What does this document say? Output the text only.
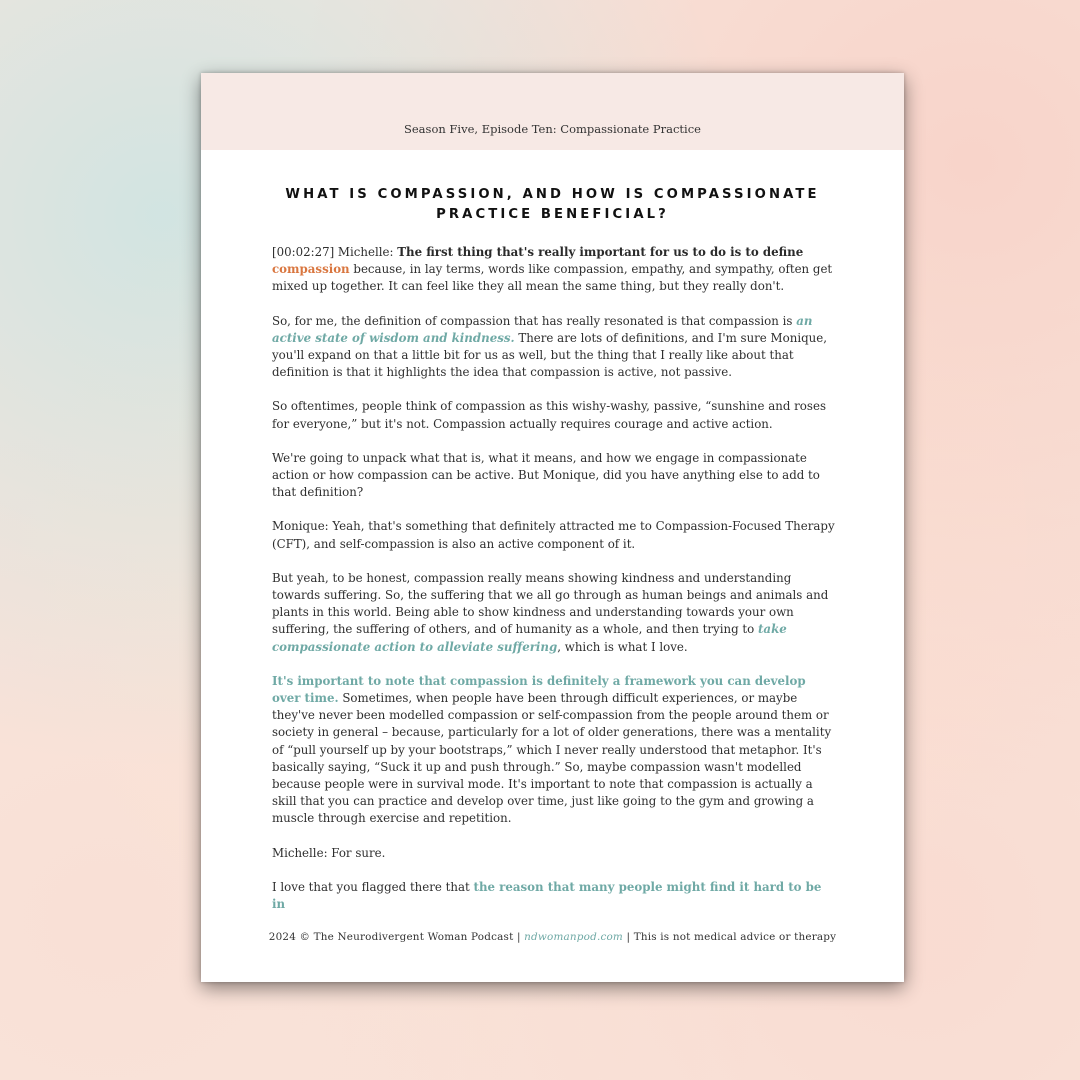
Season Five, Episode Ten: Compassionate Practice
WHAT IS COMPASSION, AND HOW IS COMPASSIONATE PRACTICE BENEFICIAL?

[00:02:27] Michelle: The first thing that's really important for us to do is to define
compassion because, in lay terms, words like compassion, empathy, and sympathy, often get mixed up together. It can feel like they all mean the same thing, but they really don't.

So, for me, the definition of compassion that has really resonated is that compassion is an active state of wisdom and kindness. There are lots of definitions, and I'm sure Monique, you'll expand on that a little bit for us as well, but the thing that I really like about that definition is that it highlights the idea that compassion is active, not passive.

So oftentimes, people think of compassion as this wishy-washy, passive, “sunshine and roses for everyone,” but it's not. Compassion actually requires courage and active action.

We're going to unpack what that is, what it means, and how we engage in compassionate action or how compassion can be active. But Monique, did you have anything else to add to that definition?

Monique: Yeah, that's something that definitely attracted me to Compassion-Focused Therapy (CFT), and self-compassion is also an active component of it.

But yeah, to be honest, compassion really means showing kindness and understanding towards suffering. So, the suffering that we all go through as human beings and animals and plants in this world. Being able to show kindness and understanding towards your own suffering, the suffering of others, and of humanity as a whole, and then trying to take compassionate action to alleviate suffering, which is what I love.

It's important to note that compassion is definitely a framework you can develop over time. Sometimes, when people have been through difficult experiences, or maybe they've never been modelled compassion or self-compassion from the people around them or society in general – because, particularly for a lot of older generations, there was a mentality of “pull yourself up by your bootstraps,” which I never really understood that metaphor. It's basically saying, “Suck it up and push through.” So, maybe compassion wasn't modelled because people were in survival mode. It's important to note that compassion is actually a skill that you can practice and develop over time, just like going to the gym and growing a muscle through exercise and repetition.

Michelle: For sure.

I love that you flagged there that the reason that many people might find it hard to be in

2024 © The Neurodivergent Woman Podcast | ndwomanpod.com | This is not medical advice or therapy
